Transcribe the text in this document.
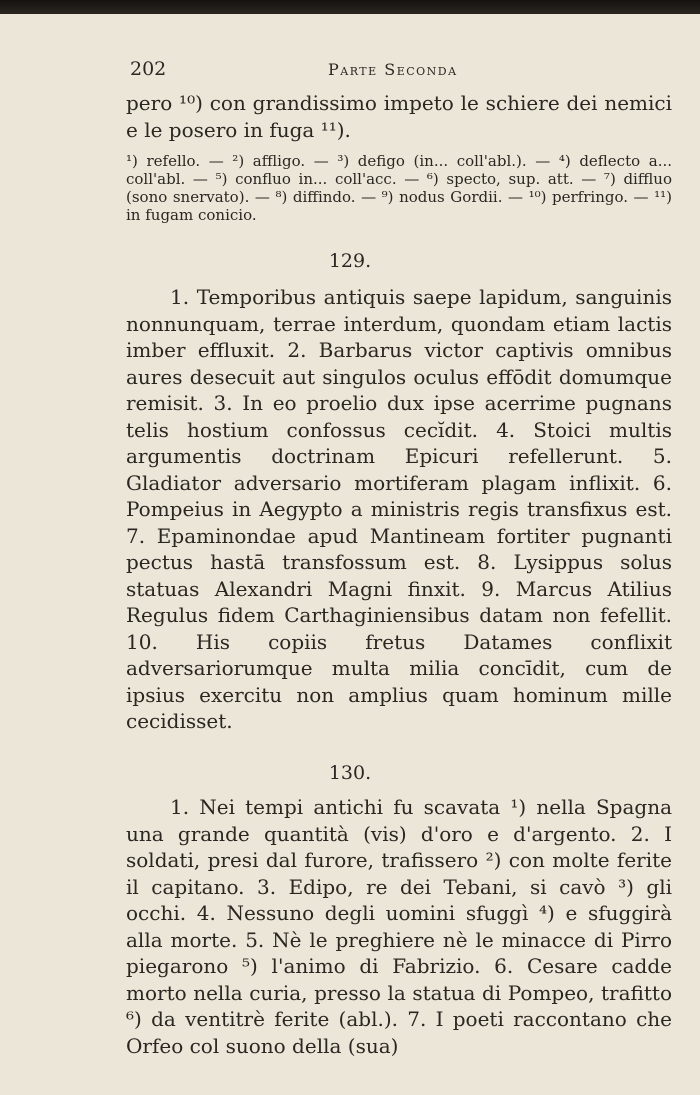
202	Parte Seconda

pero ¹⁰) con grandissimo impeto le schiere dei nemici e le posero in fuga ¹¹).

¹) refello. — ²) affligo. — ³) defigo (in... coll'abl.). — ⁴) deflecto a... coll'abl. — ⁵) confluo in... coll'acc. — ⁶) specto, sup. att. — ⁷) diffluo (sono snervato). — ⁸) diffindo. — ⁹) nodus Gordii. — ¹⁰) perfringo. — ¹¹) in fugam conicio.

129.

1. Temporibus antiquis saepe lapidum, sanguinis nonnunquam, terrae interdum, quondam etiam lactis imber effluxit. 2. Barbarus victor captivis omnibus aures desecuit aut singulos oculus effōdit domumque remisit. 3. In eo proelio dux ipse acerrime pugnans telis hostium confossus cecĭdit. 4. Stoici multis argumentis doctrinam Epicuri refellerunt. 5. Gladiator adversario mortiferam plagam inflixit. 6. Pompeius in Aegypto a ministris regis transfixus est. 7. Epaminondae apud Mantineam fortiter pugnanti pectus hastā transfossum est. 8. Lysippus solus statuas Alexandri Magni finxit. 9. Marcus Atilius Regulus fidem Carthaginiensibus datam non fefellit. 10. His copiis fretus Datames conflixit adversariorumque multa milia concīdit, cum de ipsius exercitu non amplius quam hominum mille cecidisset.

130.

1. Nei tempi antichi fu scavata ¹) nella Spagna una grande quantità (vis) d'oro e d'argento. 2. I soldati, presi dal furore, trafissero ²) con molte ferite il capitano. 3. Edipo, re dei Tebani, si cavò ³) gli occhi. 4. Nessuno degli uomini sfuggì ⁴) e sfuggirà alla morte. 5. Nè le preghiere nè le minacce di Pirro piegarono ⁵) l'animo di Fabrizio. 6. Cesare cadde morto nella curia, presso la statua di Pompeo, trafitto ⁶) da ventitrè ferite (abl.). 7. I poeti raccontano che Orfeo col suono della (sua)
